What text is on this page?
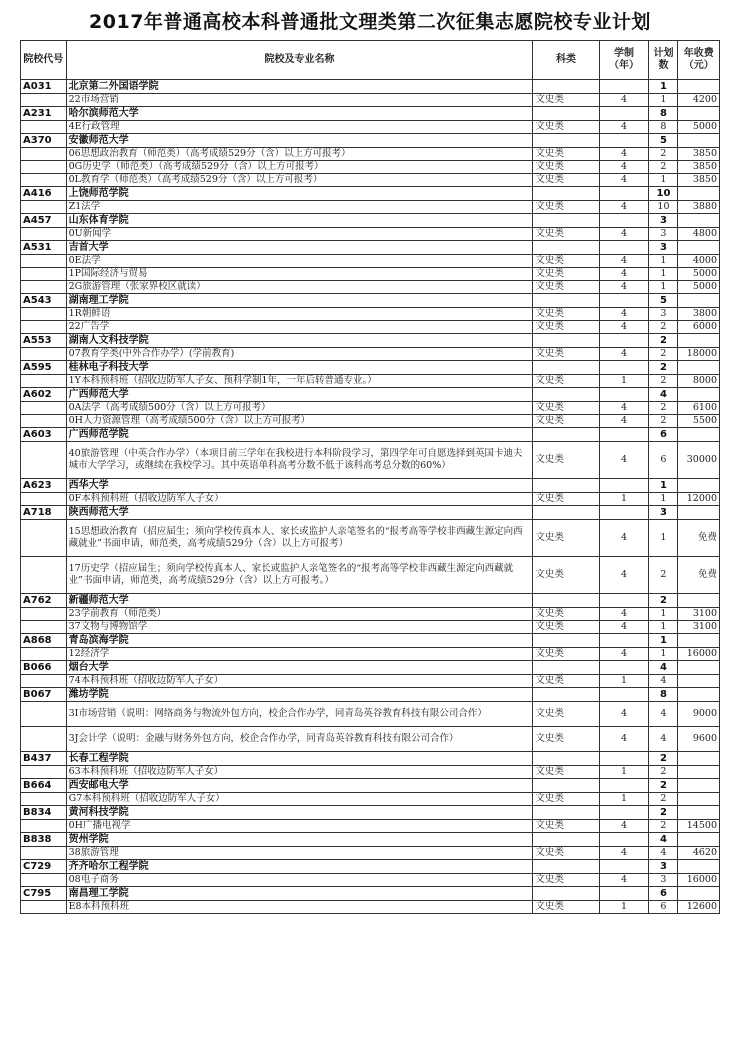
2017年普通高校本科普通批文理类第二次征集志愿院校专业计划
院校代号	院校及专业名称	科类	学制（年）	计划数	年收费（元）
A031	北京第二外国语学院			1	
	22市场营销	文史类	4	1	4200
A231	哈尔滨师范大学			8	
	4E行政管理	文史类	4	8	5000
A370	安徽师范大学			5	
	06思想政治教育（师范类）（高考成绩529分（含）以上方可报考）	文史类	4	2	3850
	0G历史学（师范类）（高考成绩529分（含）以上方可报考）	文史类	4	2	3850
	0L教育学（师范类）（高考成绩529分（含）以上方可报考）	文史类	4	1	3850
A416	上饶师范学院			10	
	Z1法学	文史类	4	10	3880
A457	山东体育学院			3	
	0U新闻学	文史类	4	3	4800
A531	吉首大学			3	
	0E法学	文史类	4	1	4000
	1P国际经济与贸易	文史类	4	1	5000
	2G旅游管理（张家界校区就读）	文史类	4	1	5000
A543	湖南理工学院			5	
	1R朝鲜语	文史类	4	3	3800
	22广告学	文史类	4	2	6000
A553	湖南人文科技学院			2	
	07教育学类(中外合作办学）(学前教育)	文史类	4	2	18000
A595	桂林电子科技大学			2	
	1Y本科预科班（招收边防军人子女、预科学制1年，一年后转普通专业。）	文史类	1	2	8000
A602	广西师范大学			4	
	0A法学（高考成绩500分（含）以上方可报考）	文史类	4	2	6100
	0H人力资源管理（高考成绩500分（含）以上方可报考）	文史类	4	2	5500
A603	广西师范学院			6	
	40旅游管理（中英合作办学）（本项目前三学年在我校进行本科阶段学习，第四学年可自愿选择到英国卡迪夫城市大学学习，或继续在我校学习。其中英语单科高考分数不低于该科高考总分数的60%）	文史类	4	6	30000
A623	西华大学			1	
	0F本科预科班（招收边防军人子女）	文史类	1	1	12000
A718	陕西师范大学			3	
	15思想政治教育（招应届生；须向学校传真本人、家长或监护人亲笔签名的“报考高等学校非西藏生源定向西藏就业”书面申请，师范类，高考成绩529分（含）以上方可报考）	文史类	4	1	免费
	17历史学（招应届生；须向学校传真本人、家长或监护人亲笔签名的“报考高等学校非西藏生源定向西藏就业”书面申请，师范类，高考成绩529分（含）以上方可报考。）	文史类	4	2	免费
A762	新疆师范大学			2	
	23学前教育（师范类）	文史类	4	1	3100
	37文物与博物馆学	文史类	4	1	3100
A868	青岛滨海学院			1	
	12经济学	文史类	4	1	16000
B066	烟台大学			4	
	74本科预科班（招收边防军人子女）	文史类	1	4	
B067	潍坊学院			8	
	3I市场营销（说明：网络商务与物流外包方向，校企合作办学，同青岛英谷教育科技有限公司合作）	文史类	4	4	9000
	3J会计学（说明：金融与财务外包方向，校企合作办学，同青岛英谷教育科技有限公司合作）	文史类	4	4	9600
B437	长春工程学院			2	
	63本科预科班（招收边防军人子女）	文史类	1	2	
B664	西安邮电大学			2	
	G7本科预科班（招收边防军人子女）	文史类	1	2	
B834	黄河科技学院			2	
	0H广播电视学	文史类	4	2	14500
B838	贺州学院			4	
	38旅游管理	文史类	4	4	4620
C729	齐齐哈尔工程学院			3	
	08电子商务	文史类	4	3	16000
C795	南昌理工学院			6	
	E8本科预科班	文史类	1	6	12600
